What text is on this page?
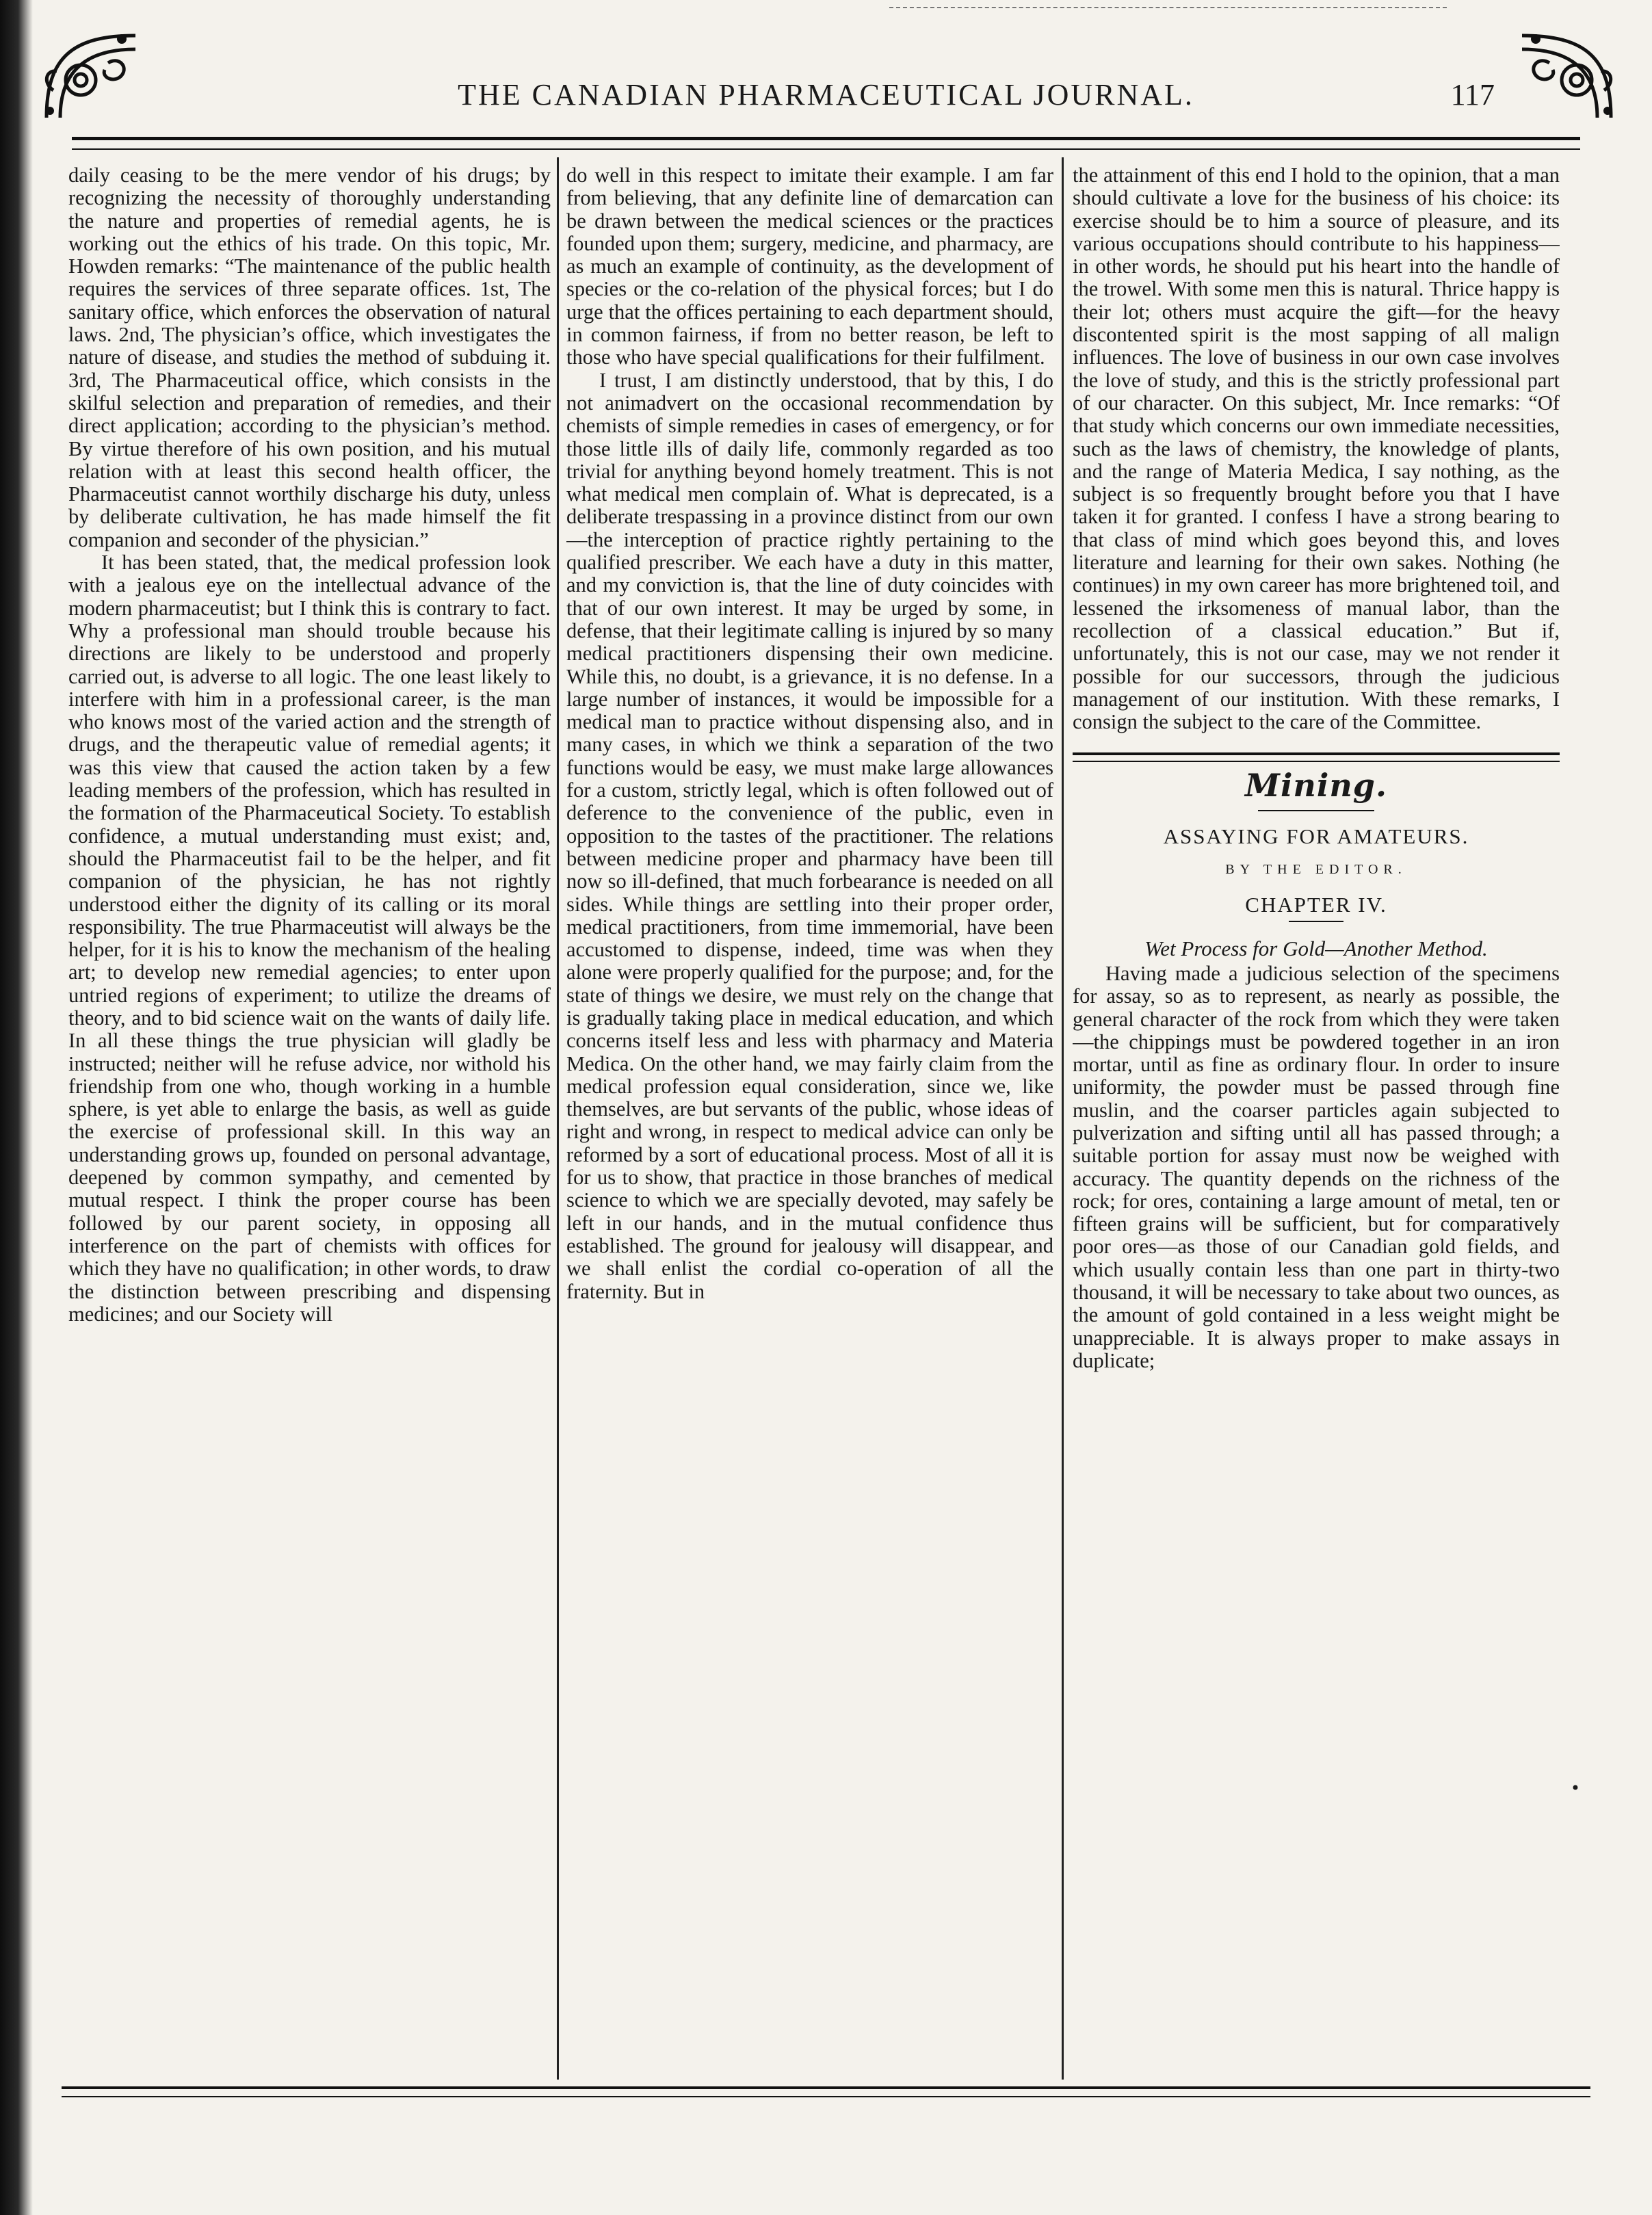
THE CANADIAN PHARMACEUTICAL JOURNAL.	117

daily ceasing to be the mere vendor of his drugs; by recognizing the necessity of thoroughly understanding the nature and properties of remedial agents, he is working out the ethics of his trade. On this topic, Mr. Howden remarks: “The maintenance of the public health requires the services of three separate offices. 1st, The sanitary office, which enforces the observation of natural laws. 2nd, The physician’s office, which investigates the nature of disease, and studies the method of subduing it. 3rd, The Pharmaceutical office, which consists in the skilful selection and preparation of remedies, and their direct application; according to the physician’s method. By virtue therefore of his own position, and his mutual relation with at least this second health officer, the Pharmaceutist cannot worthily discharge his duty, unless by deliberate cultivation, he has made himself the fit companion and seconder of the physician.”

It has been stated, that, the medical profession look with a jealous eye on the intellectual advance of the modern pharmaceutist; but I think this is contrary to fact. Why a professional man should trouble because his directions are likely to be understood and properly carried out, is adverse to all logic. The one least likely to interfere with him in a professional career, is the man who knows most of the varied action and the strength of drugs, and the therapeutic value of remedial agents; it was this view that caused the action taken by a few leading members of the profession, which has resulted in the formation of the Pharmaceutical Society. To establish confidence, a mutual understanding must exist; and, should the Pharmaceutist fail to be the helper, and fit companion of the physician, he has not rightly understood either the dignity of its calling or its moral responsibility. The true Pharmaceutist will always be the helper, for it is his to know the mechanism of the healing art; to develop new remedial agencies; to enter upon untried regions of experiment; to utilize the dreams of theory, and to bid science wait on the wants of daily life. In all these things the true physician will gladly be instructed; neither will he refuse advice, nor withold his friendship from one who, though working in a humble sphere, is yet able to enlarge the basis, as well as guide the exercise of professional skill. In this way an understanding grows up, founded on personal advantage, deepened by common sympathy, and cemented by mutual respect. I think the proper course has been followed by our parent society, in opposing all interference on the part of chemists with offices for which they have no qualification; in other words, to draw the distinction between prescribing and dispensing medicines; and our Society will

do well in this respect to imitate their example. I am far from believing, that any definite line of demarcation can be drawn between the medical sciences or the practices founded upon them; surgery, medicine, and pharmacy, are as much an example of continuity, as the development of species or the co-relation of the physical forces; but I do urge that the offices pertaining to each department should, in common fairness, if from no better reason, be left to those who have special qualifications for their fulfilment.

I trust, I am distinctly understood, that by this, I do not animadvert on the occasional recommendation by chemists of simple remedies in cases of emergency, or for those little ills of daily life, commonly regarded as too trivial for anything beyond homely treatment. This is not what medical men complain of. What is deprecated, is a deliberate trespassing in a province distinct from our own—the interception of practice rightly pertaining to the qualified prescriber. We each have a duty in this matter, and my conviction is, that the line of duty coincides with that of our own interest. It may be urged by some, in defense, that their legitimate calling is injured by so many medical practitioners dispensing their own medicine. While this, no doubt, is a grievance, it is no defense. In a large number of instances, it would be impossible for a medical man to practice without dispensing also, and in many cases, in which we think a separation of the two functions would be easy, we must make large allowances for a custom, strictly legal, which is often followed out of deference to the convenience of the public, even in opposition to the tastes of the practitioner. The relations between medicine proper and pharmacy have been till now so ill-defined, that much forbearance is needed on all sides. While things are settling into their proper order, medical practitioners, from time immemorial, have been accustomed to dispense, indeed, time was when they alone were properly qualified for the purpose; and, for the state of things we desire, we must rely on the change that is gradually taking place in medical education, and which concerns itself less and less with pharmacy and Materia Medica. On the other hand, we may fairly claim from the medical profession equal consideration, since we, like themselves, are but servants of the public, whose ideas of right and wrong, in respect to medical advice can only be reformed by a sort of educational process. Most of all it is for us to show, that practice in those branches of medical science to which we are specially devoted, may safely be left in our hands, and in the mutual confidence thus established. The ground for jealousy will disappear, and we shall enlist the cordial co-operation of all the fraternity. But in

the attainment of this end I hold to the opinion, that a man should cultivate a love for the business of his choice: its exercise should be to him a source of pleasure, and its various occupations should contribute to his happiness—in other words, he should put his heart into the handle of the trowel. With some men this is natural. Thrice happy is their lot; others must acquire the gift—for the heavy discontented spirit is the most sapping of all malign influences. The love of business in our own case involves the love of study, and this is the strictly professional part of our character. On this subject, Mr. Ince remarks: “Of that study which concerns our own immediate necessities, such as the laws of chemistry, the knowledge of plants, and the range of Materia Medica, I say nothing, as the subject is so frequently brought before you that I have taken it for granted. I confess I have a strong bearing to that class of mind which goes beyond this, and loves literature and learning for their own sakes. Nothing (he continues) in my own career has more brightened toil, and lessened the irksomeness of manual labor, than the recollection of a classical education.” But if, unfortunately, this is not our case, may we not render it possible for our successors, through the judicious management of our institution. With these remarks, I consign the subject to the care of the Committee.

Mining.
ASSAYING FOR AMATEURS.
BY THE EDITOR.
CHAPTER IV.
Wet Process for Gold—Another Method.

Having made a judicious selection of the specimens for assay, so as to represent, as nearly as possible, the general character of the rock from which they were taken—the chippings must be powdered together in an iron mortar, until as fine as ordinary flour. In order to insure uniformity, the powder must be passed through fine muslin, and the coarser particles again subjected to pulverization and sifting until all has passed through; a suitable portion for assay must now be weighed with accuracy. The quantity depends on the richness of the rock; for ores, containing a large amount of metal, ten or fifteen grains will be sufficient, but for comparatively poor ores—as those of our Canadian gold fields, and which usually contain less than one part in thirty-two thousand, it will be necessary to take about two ounces, as the amount of gold contained in a less weight might be unappreciable. It is always proper to make assays in duplicate;

•
